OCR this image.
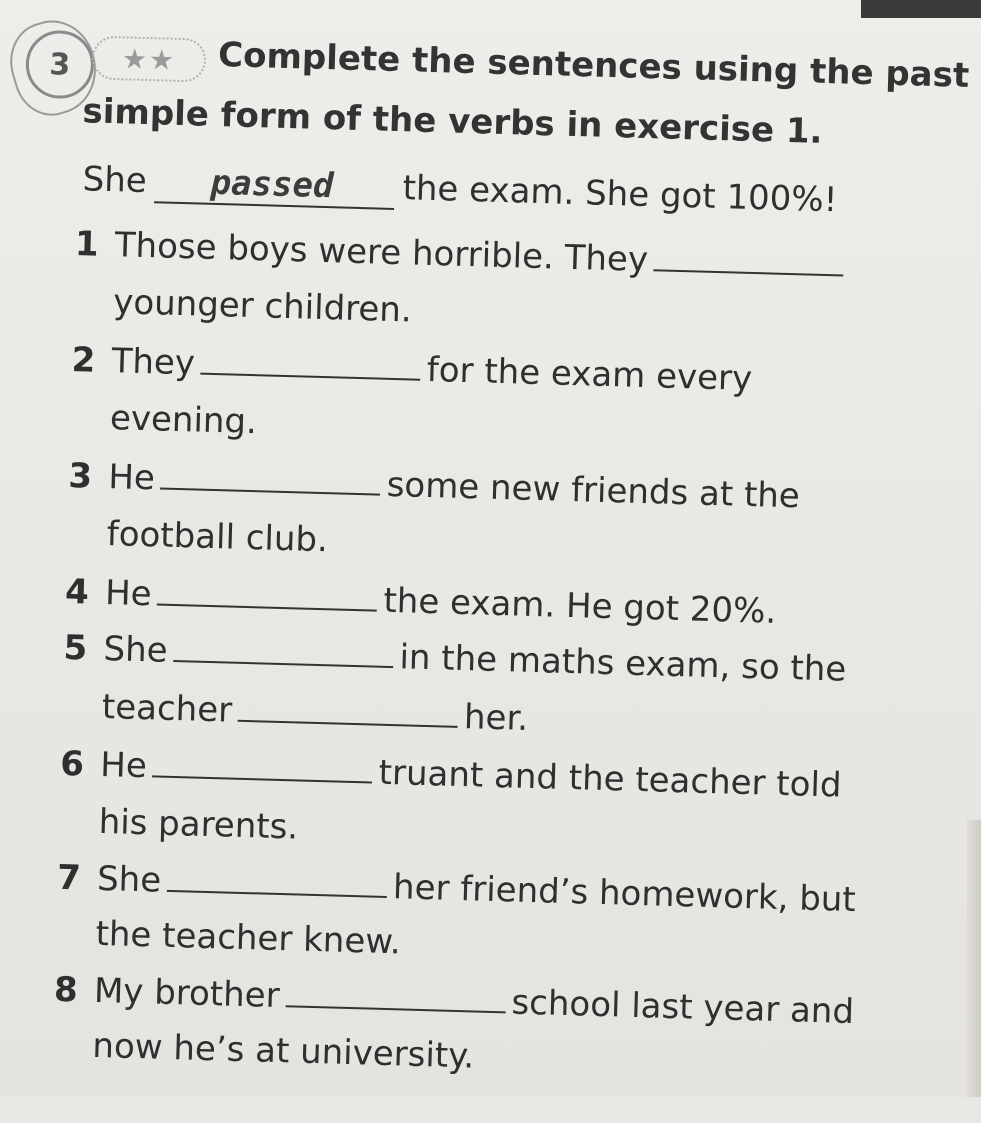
3	★★	Complete the sentences using the past
simple form of the verbs in exercise 1.
She passed the exam. She got 100%!
1 Those boys were horrible. They
younger children.
2 They	for the exam every
evening.
3 He	some new friends at the
football club.
4 He	the exam. He got 20%.
5 She	in the maths exam, so the
teacher	her.
6 He	truant and the teacher told
his parents.
7 She	her friend’s homework, but
the teacher knew.
8 My brother	school last year and
now he’s at university.
